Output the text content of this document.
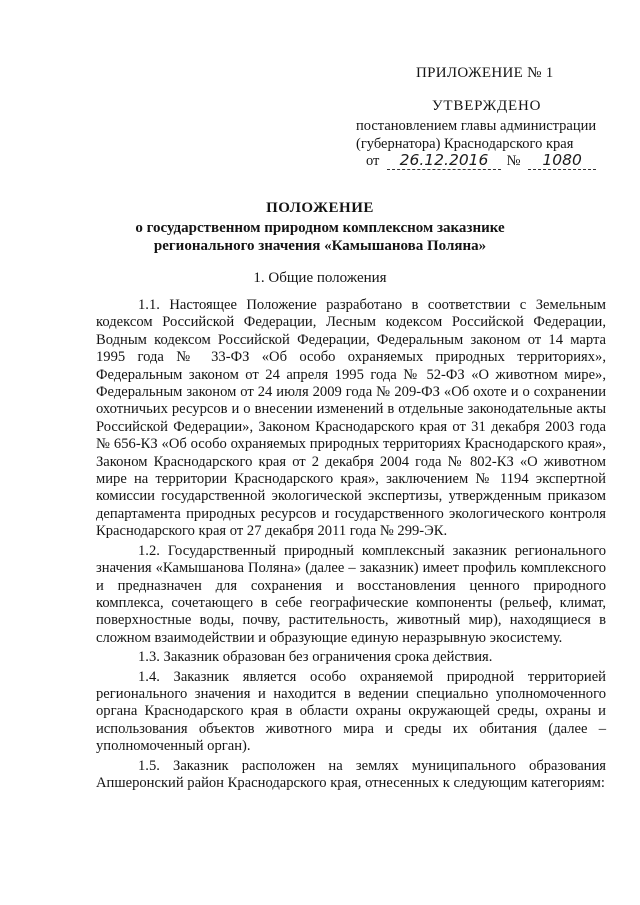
ПРИЛОЖЕНИЕ № 1
УТВЕРЖДЕНО
постановлением главы администрации
(губернатора) Краснодарского края
от 26.12.2016 № 1080
ПОЛОЖЕНИЕ
о государственном природном комплексном заказнике
регионального значения «Камышанова Поляна»
1. Общие положения

1.1. Настоящее Положение разработано в соответствии с Земельным кодексом Российской Федерации, Лесным кодексом Российской Федерации, Водным кодексом Российской Федерации, Федеральным законом от 14 марта 1995 года № 33-ФЗ «Об особо охраняемых природных территориях», Федеральным законом от 24 апреля 1995 года № 52-ФЗ «О животном мире», Федеральным законом от 24 июля 2009 года № 209-ФЗ «Об охоте и о сохранении охотничьих ресурсов и о внесении изменений в отдельные законодательные акты Российской Федерации», Законом Краснодарского края от 31 декабря 2003 года № 656-КЗ «Об особо охраняемых природных территориях Краснодарского края», Законом Краснодарского края от 2 декабря 2004 года № 802-КЗ «О животном мире на территории Краснодарского края», заключением № 1194 экспертной комиссии государственной экологической экспертизы, утвержденным приказом департамента природных ресурсов и государственного экологического контроля Краснодарского края от 27 декабря 2011 года № 299-ЭК.

1.2. Государственный природный комплексный заказник регионального значения «Камышанова Поляна» (далее – заказник) имеет профиль комплексного и предназначен для сохранения и восстановления ценного природного комплекса, сочетающего в себе географические компоненты (рельеф, климат, поверхностные воды, почву, растительность, животный мир), находящиеся в сложном взаимодействии и образующие единую неразрывную экосистему.

1.3. Заказник образован без ограничения срока действия.

1.4. Заказник является особо охраняемой природной территорией регионального значения и находится в ведении специально уполномоченного органа Краснодарского края в области охраны окружающей среды, охраны и использования объектов животного мира и среды их обитания (далее – уполномоченный орган).

1.5. Заказник расположен на землях муниципального образования Апшеронский район Краснодарского края, отнесенных к следующим категориям:
